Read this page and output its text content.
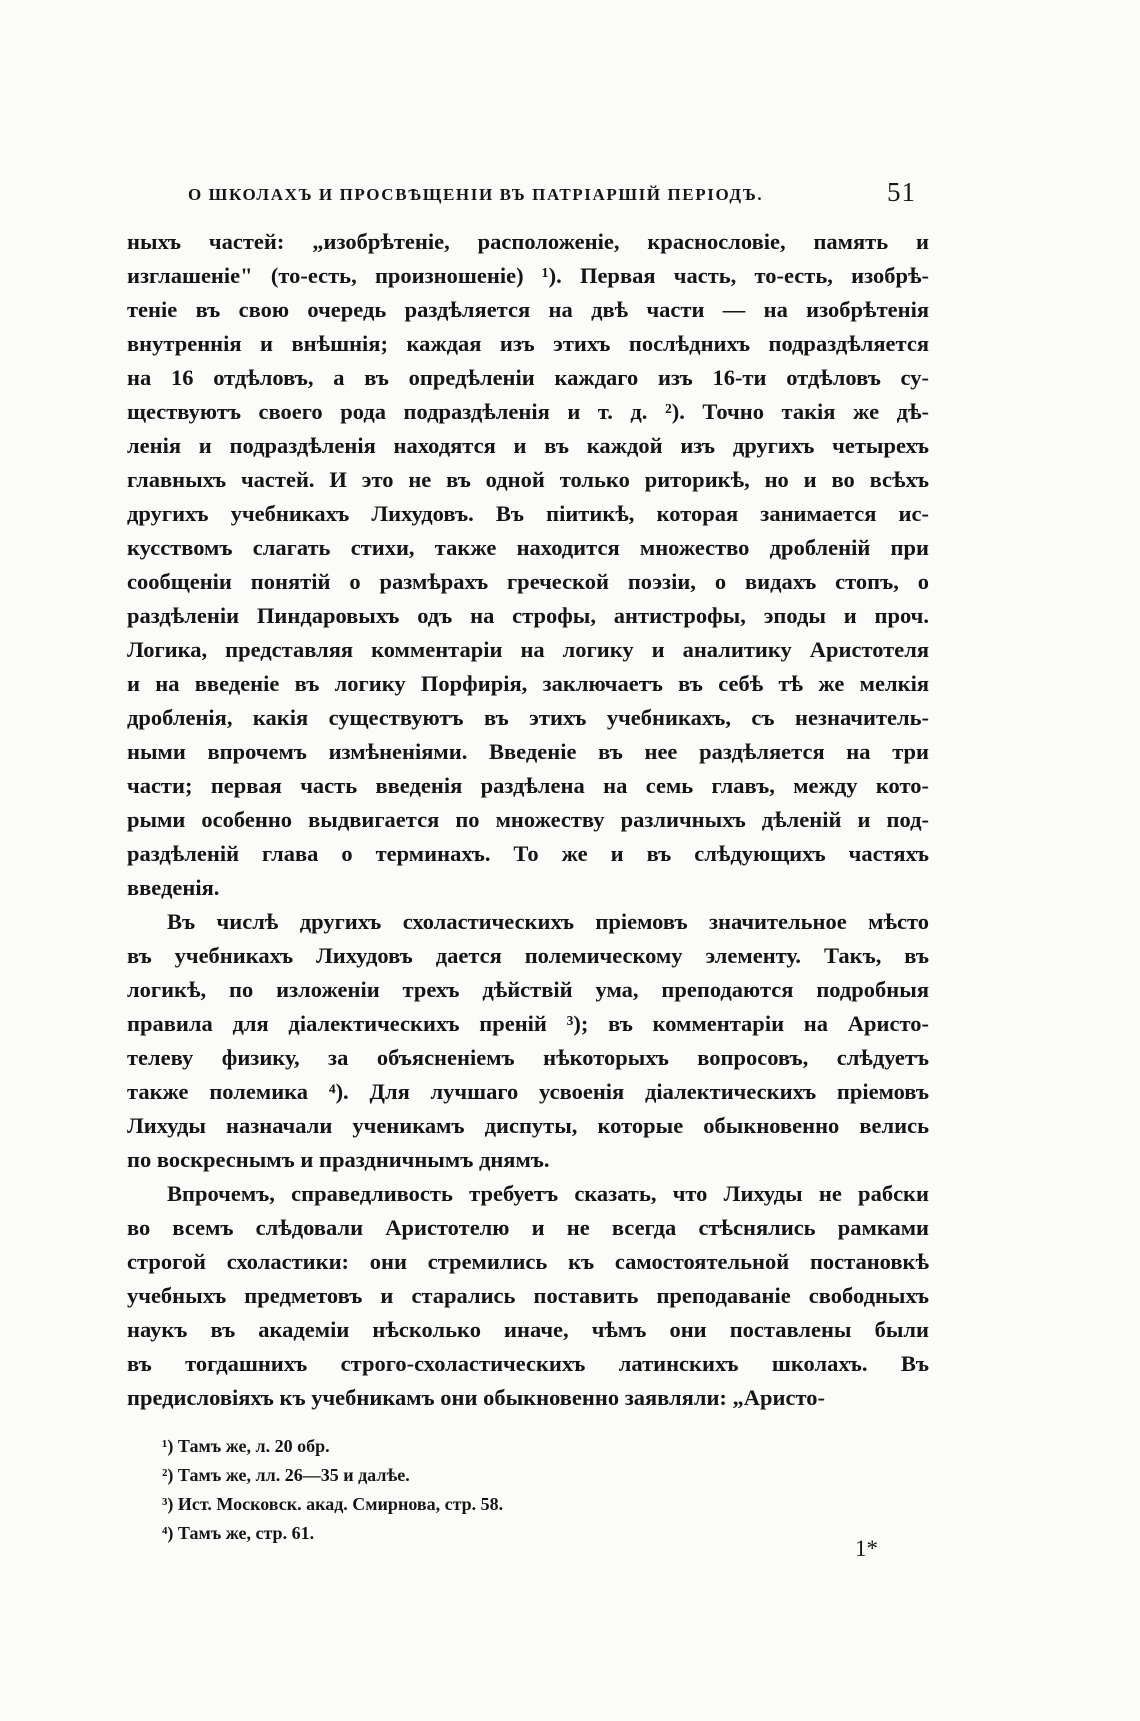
О ШКОЛАХЪ И ПРОСВѢЩЕНІИ ВЪ ПАТРІАРШІЙ ПЕРІОДЪ.	51
ныхъ частей: „изобрѣтеніе, расположеніе, краснословіе, память и
изглашеніе" (то-есть, произношеніе) ¹). Первая часть, то-есть, изобрѣ-
теніе въ свою очередь раздѣляется на двѣ части — на изобрѣтенія
внутреннія и внѣшнія; каждая изъ этихъ послѣднихъ подраздѣляется
на 16 отдѣловъ, а въ опредѣленіи каждаго изъ 16-ти отдѣловъ су-
ществуютъ своего рода подраздѣленія и т. д. ²). Точно такія же дѣ-
ленія и подраздѣленія находятся и въ каждой изъ другихъ четырехъ
главныхъ частей. И это не въ одной только риторикѣ, но и во всѣхъ
другихъ учебникахъ Лихудовъ. Въ піитикѣ, которая занимается ис-
кусствомъ слагать стихи, также находится множество дробленій при
сообщеніи понятій о размѣрахъ греческой поэзіи, о видахъ стопъ, о
раздѣленіи Пиндаровыхъ одъ на строфы, антистрофы, эподы и проч.
Логика, представляя комментаріи на логику и аналитику Аристотеля
и на введеніе въ логику Порфирія, заключаетъ въ себѣ тѣ же мелкія
дробленія, какія существуютъ въ этихъ учебникахъ, съ незначитель-
ными впрочемъ измѣненіями. Введеніе въ нее раздѣляется на три
части; первая часть введенія раздѣлена на семь главъ, между кото-
рыми особенно выдвигается по множеству различныхъ дѣленій и под-
раздѣленій глава о терминахъ. То же и въ слѣдующихъ частяхъ
введенія.
Въ числѣ другихъ схоластическихъ пріемовъ значительное мѣсто
въ учебникахъ Лихудовъ дается полемическому элементу. Такъ, въ
логикѣ, по изложеніи трехъ дѣйствій ума, преподаются подробныя
правила для діалектическихъ преній ³); въ комментаріи на Аристо-
телеву физику, за объясненіемъ нѣкоторыхъ вопросовъ, слѣдуетъ
также полемика ⁴). Для лучшаго усвоенія діалектическихъ пріемовъ
Лихуды назначали ученикамъ диспуты, которые обыкновенно велись
по воскреснымъ и праздничнымъ днямъ.
Впрочемъ, справедливость требуетъ сказать, что Лихуды не рабски
во всемъ слѣдовали Аристотелю и не всегда стѣснялись рамками
строгой схоластики: они стремились къ самостоятельной постановкѣ
учебныхъ предметовъ и старались поставить преподаваніе свободныхъ
наукъ въ академіи нѣсколько иначе, чѣмъ они поставлены были
въ тогдашнихъ строго-схоластическихъ латинскихъ школахъ. Въ
предисловіяхъ къ учебникамъ они обыкновенно заявляли: „Аристо-
¹) Тамъ же, л. 20 обр.
²) Тамъ же, лл. 26—35 и далѣе.
³) Ист. Московск. акад. Смирнова, стр. 58.
⁴) Тамъ же, стр. 61.
1*
